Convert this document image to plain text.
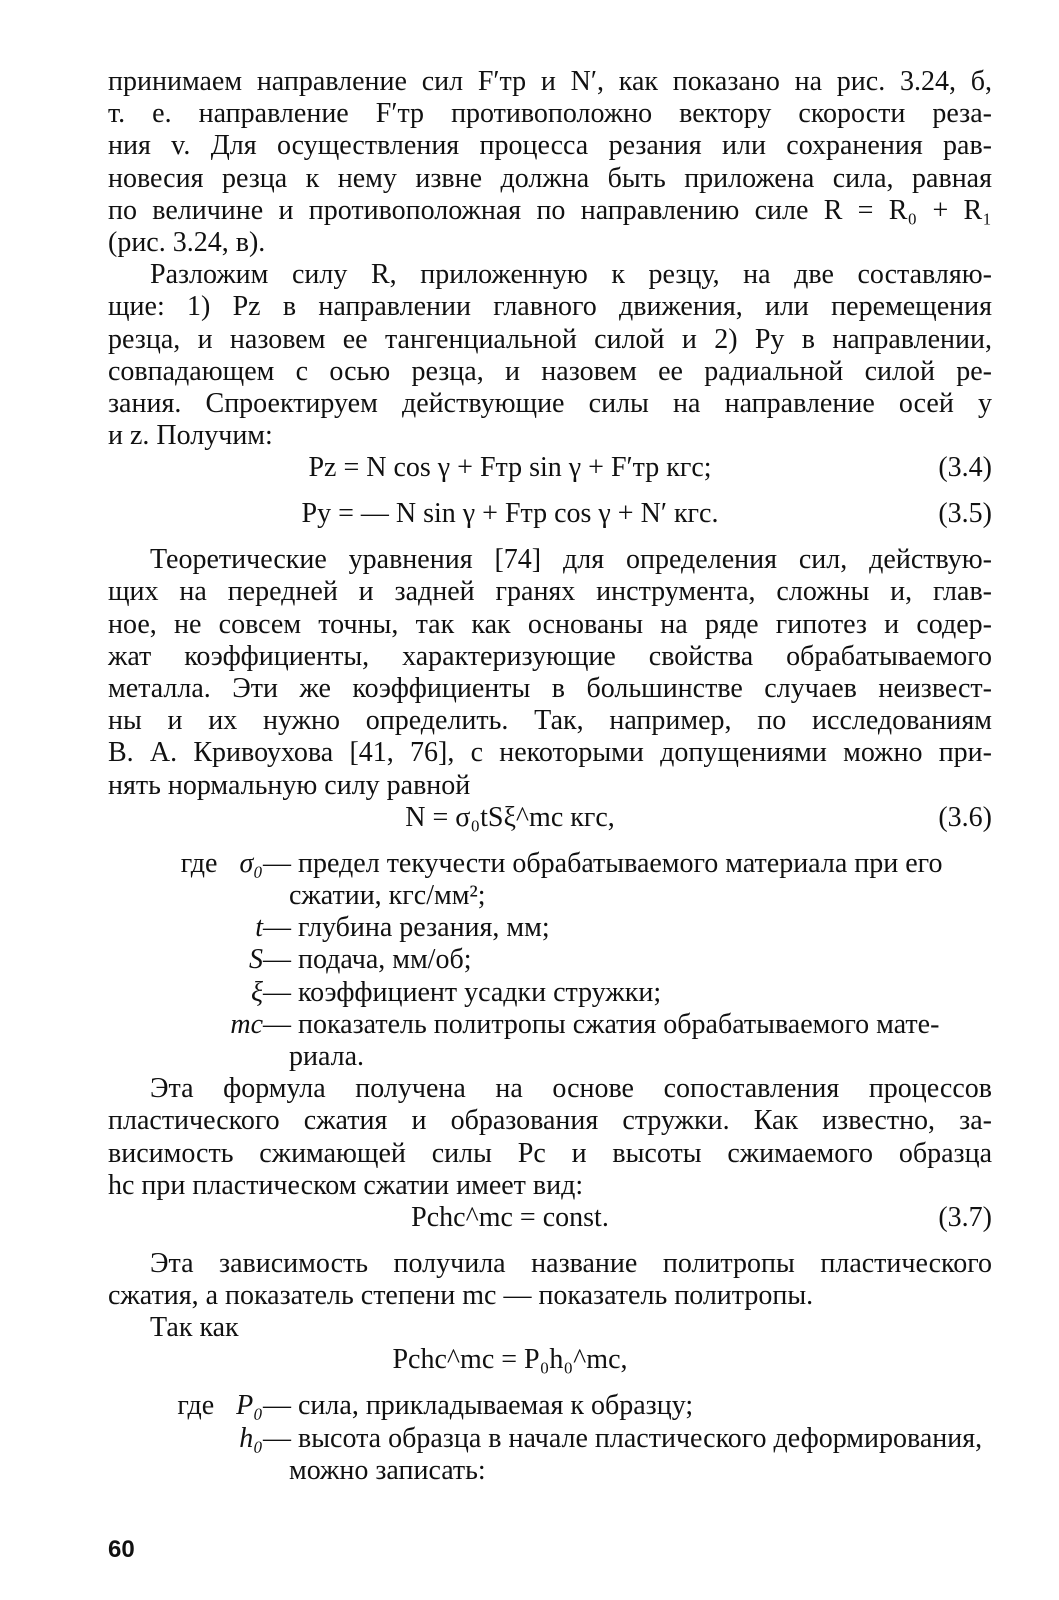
принимаем направление сил F′тр и N′, как показано на рис. 3.24, б,
т. е. направление F′тр противоположно вектору скорости реза-
ния v. Для осуществления процесса резания или сохранения рав-
новесия резца к нему извне должна быть приложена сила, равная
по величине и противоположная по направлению силе R = R₀ + R₁
(рис. 3.24, в).
Разложим силу R, приложенную к резцу, на две составляю-
щие: 1) Pz в направлении главного движения, или перемещения
резца, и назовем ее тангенциальной силой и 2) Py в направлении,
совпадающем с осью резца, и назовем ее радиальной силой ре-
зания. Спроектируем действующие силы на направление осей y
и z. Получим:
Pz = N cos γ + Fтр sin γ + F′тр кгс;	(3.4)
Py = — N sin γ + Fтр cos γ + N′ кгс.	(3.5)
Теоретические уравнения [74] для определения сил, действую-
щих на передней и задней гранях инструмента, сложны и, глав-
ное, не совсем точны, так как основаны на ряде гипотез и содер-
жат коэффициенты, характеризующие свойства обрабатываемого
металла. Эти же коэффициенты в большинстве случаев неизвест-
ны и их нужно определить. Так, например, по исследованиям
В. А. Кривоухова [41, 76], с некоторыми допущениями можно при-
нять нормальную силу равной
N = σ₀tSξ^mс кгс,	(3.6)
где σ₀ — предел текучести обрабатываемого материала при его
сжатии, кгс/мм²;
t — глубина резания, мм;
S — подача, мм/об;
ξ — коэффициент усадки стружки;
mс — показатель политропы сжатия обрабатываемого мате-
риала.
Эта формула получена на основе сопоставления процессов
пластического сжатия и образования стружки. Как известно, за-
висимость сжимающей силы Pс и высоты сжимаемого образца
hс при пластическом сжатии имеет вид:
Pсhс^mс = const.	(3.7)
Эта зависимость получила название политропы пластического
сжатия, а показатель степени mс — показатель политропы.
Так как
Pсhс^mс = P₀h₀^mс,
где P₀ — сила, прикладываемая к образцу;
h₀ — высота образца в начале пластического деформирования,
можно записать:
60
